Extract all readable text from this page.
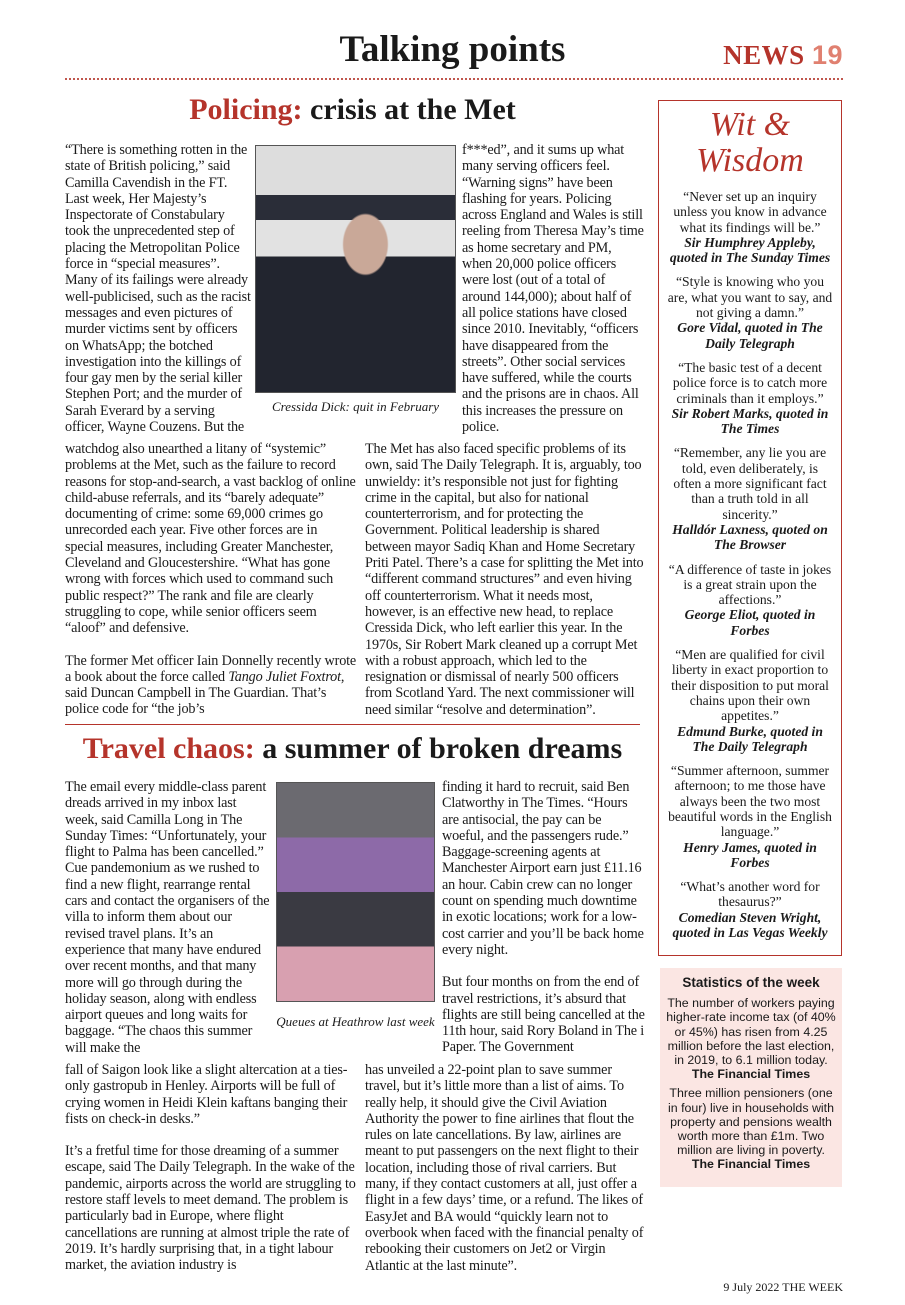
Talking points	NEWS 19
Policing: crisis at the Met
“There is something rotten in the state of British policing,” said Camilla Cavendish in the FT. Last week, Her Majesty’s Inspectorate of Constabulary took the unprecedented step of placing the Metropolitan Police force in “special measures”. Many of its failings were already well-publicised, such as the racist messages and even pictures of murder victims sent by officers on WhatsApp; the botched investigation into the killings of four gay men by the serial killer Stephen Port; and the murder of Sarah Everard by a serving officer, Wayne Couzens. But the
Cressida Dick: quit in February
f***ed”, and it sums up what many serving officers feel. “Warning signs” have been flashing for years. Policing across England and Wales is still reeling from Theresa May’s time as home secretary and PM, when 20,000 police officers were lost (out of a total of around 144,000); about half of all police stations have closed since 2010. Inevitably, “officers have disappeared from the streets”. Other social services have suffered, while the courts and the prisons are in chaos. All this increases the pressure on police.

watchdog also unearthed a litany of “systemic” problems at the Met, such as the failure to record reasons for stop-and-search, a vast backlog of online child-abuse referrals, and its “barely adequate” documenting of crime: some 69,000 crimes go unrecorded each year. Five other forces are in special measures, including Greater Manchester, Cleveland and Gloucestershire. “What has gone wrong with forces which used to command such public respect?” The rank and file are clearly struggling to cope, while senior officers seem “aloof” and defensive.

The former Met officer Iain Donnelly recently wrote a book about the force called Tango Juliet Foxtrot, said Duncan Campbell in The Guardian. That’s police code for “the job’s

The Met has also faced specific problems of its own, said The Daily Telegraph. It is, arguably, too unwieldy: it’s responsible not just for fighting crime in the capital, but also for national counterterrorism, and for protecting the Government. Political leadership is shared between mayor Sadiq Khan and Home Secretary Priti Patel. There’s a case for splitting the Met into “different command structures” and even hiving off counterterrorism. What it needs most, however, is an effective new head, to replace Cressida Dick, who left earlier this year. In the 1970s, Sir Robert Mark cleaned up a corrupt Met with a robust approach, which led to the resignation or dismissal of nearly 500 officers from Scotland Yard. The next commissioner will need similar “resolve and determination”.
Travel chaos: a summer of broken dreams
The email every middle-class parent dreads arrived in my inbox last week, said Camilla Long in The Sunday Times: “Unfortunately, your flight to Palma has been cancelled.” Cue pandemonium as we rushed to find a new flight, rearrange rental cars and contact the organisers of the villa to inform them about our revised travel plans. It’s an experience that many have endured over recent months, and that many more will go through during the holiday season, along with endless airport queues and long waits for baggage. “The chaos this summer will make the
Queues at Heathrow last week

fall of Saigon look like a slight altercation at a ties-only gastropub in Henley. Airports will be full of crying women in Heidi Klein kaftans banging their fists on check-in desks.”

It’s a fretful time for those dreaming of a summer escape, said The Daily Telegraph. In the wake of the pandemic, airports across the world are struggling to restore staff levels to meet demand. The problem is particularly bad in Europe, where flight cancellations are running at almost triple the rate of 2019. It’s hardly surprising that, in a tight labour market, the aviation industry is

finding it hard to recruit, said Ben Clatworthy in The Times. “Hours are antisocial, the pay can be woeful, and the passengers rude.” Baggage-screening agents at Manchester Airport earn just £11.16 an hour. Cabin crew can no longer count on spending much downtime in exotic locations; work for a low-cost carrier and you’ll be back home every night.

But four months on from the end of travel restrictions, it’s absurd that flights are still being cancelled at the 11th hour, said Rory Boland in The i Paper. The Government

has unveiled a 22-point plan to save summer travel, but it’s little more than a list of aims. To really help, it should give the Civil Aviation Authority the power to fine airlines that flout the rules on late cancellations. By law, airlines are meant to put passengers on the next flight to their location, including those of rival carriers. But many, if they contact customers at all, just offer a flight in a few days’ time, or a refund. The likes of EasyJet and BA would “quickly learn not to overbook when faced with the financial penalty of rebooking their customers on Jet2 or Virgin Atlantic at the last minute”.
Wit & Wisdom
“Never set up an inquiry unless you know in advance what its findings will be.”
Sir Humphrey Appleby, quoted in The Sunday Times
“Style is knowing who you are, what you want to say, and not giving a damn.”
Gore Vidal, quoted in The Daily Telegraph
“The basic test of a decent police force is to catch more criminals than it employs.”
Sir Robert Marks, quoted in The Times
“Remember, any lie you are told, even deliberately, is often a more significant fact than a truth told in all sincerity.”
Halldór Laxness, quoted on The Browser
“A difference of taste in jokes is a great strain upon the affections.”
George Eliot, quoted in Forbes
“Men are qualified for civil liberty in exact proportion to their disposition to put moral chains upon their own appetites.”
Edmund Burke, quoted in The Daily Telegraph
“Summer afternoon, summer afternoon; to me those have always been the two most beautiful words in the English language.”
Henry James, quoted in Forbes
“What’s another word for thesaurus?”
Comedian Steven Wright, quoted in Las Vegas Weekly
Statistics of the week
The number of workers paying higher-rate income tax (of 40% or 45%) has risen from 4.25 million before the last election, in 2019, to 6.1 million today.
The Financial Times
Three million pensioners (one in four) live in households with property and pensions wealth worth more than £1m. Two million are living in poverty.
The Financial Times
9 July 2022 THE WEEK
